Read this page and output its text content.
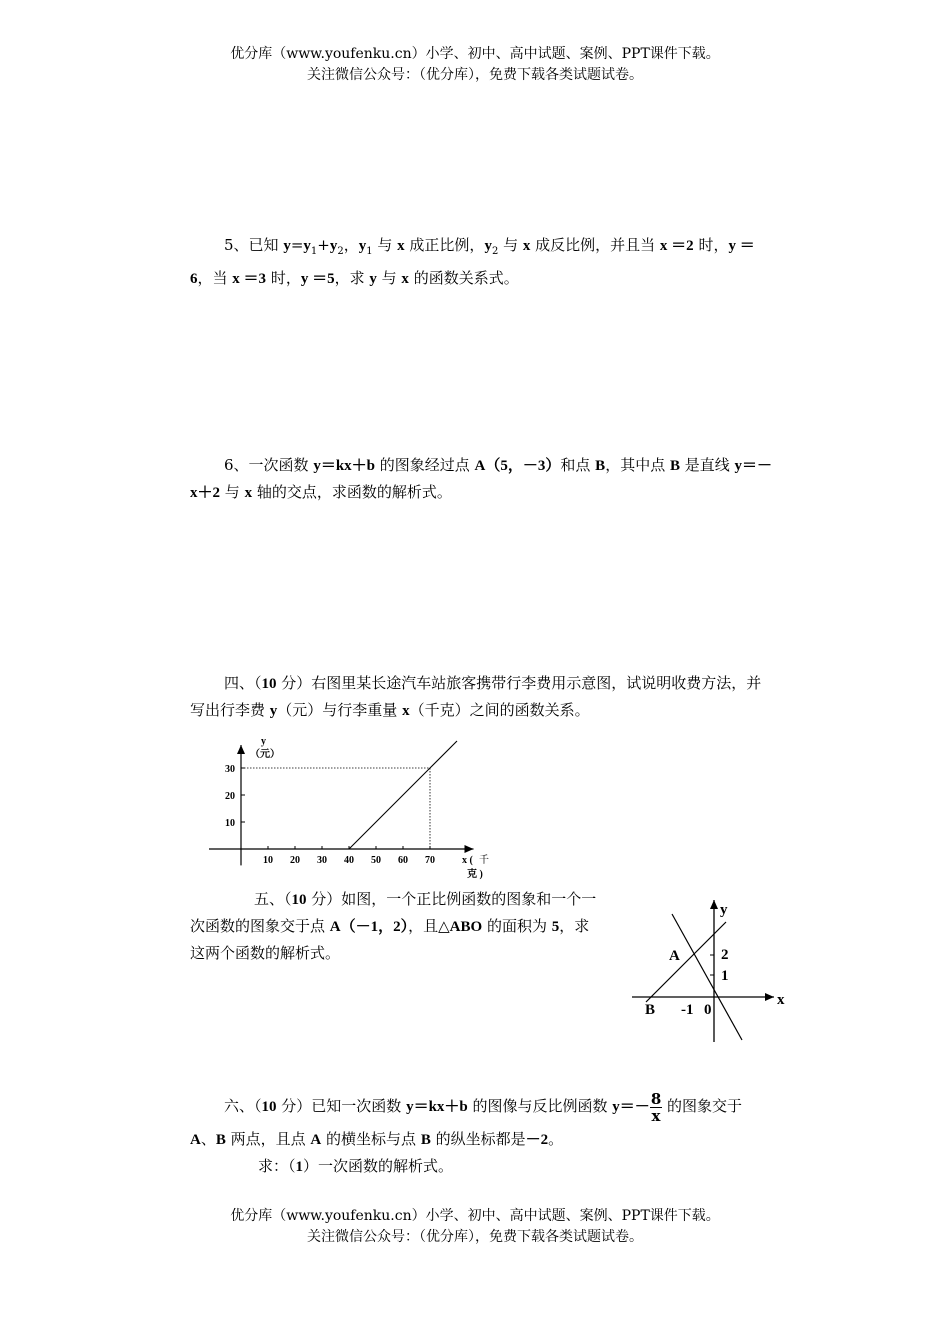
优分库（www.youfenku.cn）小学、初中、高中试题、案例、PPT课件下载。
关注微信公众号：（优分库），免费下载各类试题试卷。
5、已知 $y=y_1+y_2$，$y_1$ 与 x 成正比例，$y_2$ 与 x 成反比例，并且当 x ＝2 时，y ＝
6，当 x ＝3 时，y ＝5，求 y 与 x 的函数关系式。
6、一次函数 y＝kx＋b 的图象经过点 A（5，－3）和点 B，其中点 B 是直线 y＝－
x＋2 与 x 轴的交点，求函数的解析式。
四、（10 分）右图里某长途汽车站旅客携带行李费用示意图，试说明收费方法，并
写出行李费 y（元）与行李重量 x（千克）之间的函数关系。
10 20 30 40 50 60 70
10
20
30
y
（元）
x ( 千
克 )
五、（10 分）如图，一个正比例函数的图象和一个一
次函数的图象交于点 A（－1，2），且△ABO 的面积为 5，求
这两个函数的解析式。
y
x
A
B
2
1
-1 0
六、（10 分）已知一次函数 y＝kx＋b 的图像与反比例函数 $y=- \frac{8}{x}$ 的图象交于
A、B 两点，且点 A 的横坐标与点 B 的纵坐标都是－2。
求：（1）一次函数的解析式。
优分库（www.youfenku.cn）小学、初中、高中试题、案例、PPT课件下载。
关注微信公众号：（优分库），免费下载各类试题试卷。
